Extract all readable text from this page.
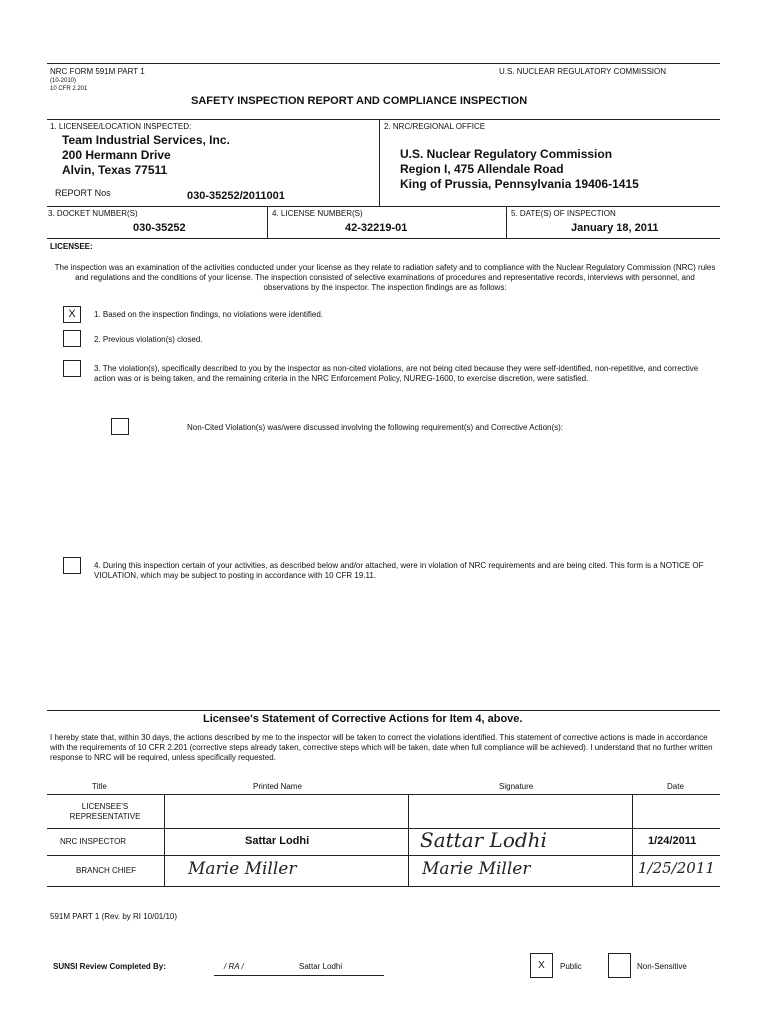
NRC FORM 591M PART 1
(10-2010)
10 CFR 2.201
U.S. NUCLEAR REGULATORY COMMISSION
SAFETY INSPECTION REPORT AND COMPLIANCE INSPECTION
1. LICENSEE/LOCATION INSPECTED:
Team Industrial Services, Inc.
200 Hermann Drive
Alvin, Texas 77511
REPORT Nos	030-35252/2011001
2. NRC/REGIONAL OFFICE
U.S. Nuclear Regulatory Commission
Region I, 475 Allendale Road
King of Prussia, Pennsylvania 19406-1415
3. DOCKET NUMBER(S)
030-35252
4. LICENSE NUMBER(S)
42-32219-01
5. DATE(S) OF INSPECTION
January 18, 2011
LICENSEE:
The inspection was an examination of the activities conducted under your license as they relate to radiation safety and to compliance with the Nuclear Regulatory Commission (NRC) rules and regulations and the conditions of your license. The inspection consisted of selective examinations of procedures and representative records, interviews with personnel, and observations by the inspector. The inspection findings are as follows:
X	1. Based on the inspection findings, no violations were identified.
2. Previous violation(s) closed.
3. The violation(s), specifically described to you by the inspector as non-cited violations, are not being cited because they were self-identified, non-repetitive, and corrective action was or is being taken, and the remaining criteria in the NRC Enforcement Policy, NUREG-1600, to exercise discretion, were satisfied.
Non-Cited Violation(s) was/were discussed involving the following requirement(s) and Corrective Action(s):
4. During this inspection certain of your activities, as described below and/or attached, were in violation of NRC requirements and are being cited. This form is a NOTICE OF VIOLATION, which may be subject to posting in accordance with 10 CFR 19.11.
Licensee's Statement of Corrective Actions for Item 4, above.
I hereby state that, within 30 days, the actions described by me to the inspector will be taken to correct the violations identified. This statement of corrective actions is made in accordance with the requirements of 10 CFR 2.201 (corrective steps already taken, corrective steps which will be taken, date when full compliance will be achieved). I understand that no further written response to NRC will be required, unless specifically requested.
Title	Printed Name	Signature	Date
LICENSEE'S REPRESENTATIVE
NRC INSPECTOR	Sattar Lodhi	Sattar Lodhi	1/24/2011
BRANCH CHIEF	Marie Miller	Marie Miller	1/25/2011
591M PART 1 (Rev. by RI 10/01/10)
SUNSI Review Completed By:	/ RA /	Sattar Lodhi	X	Public	Non-Sensitive
